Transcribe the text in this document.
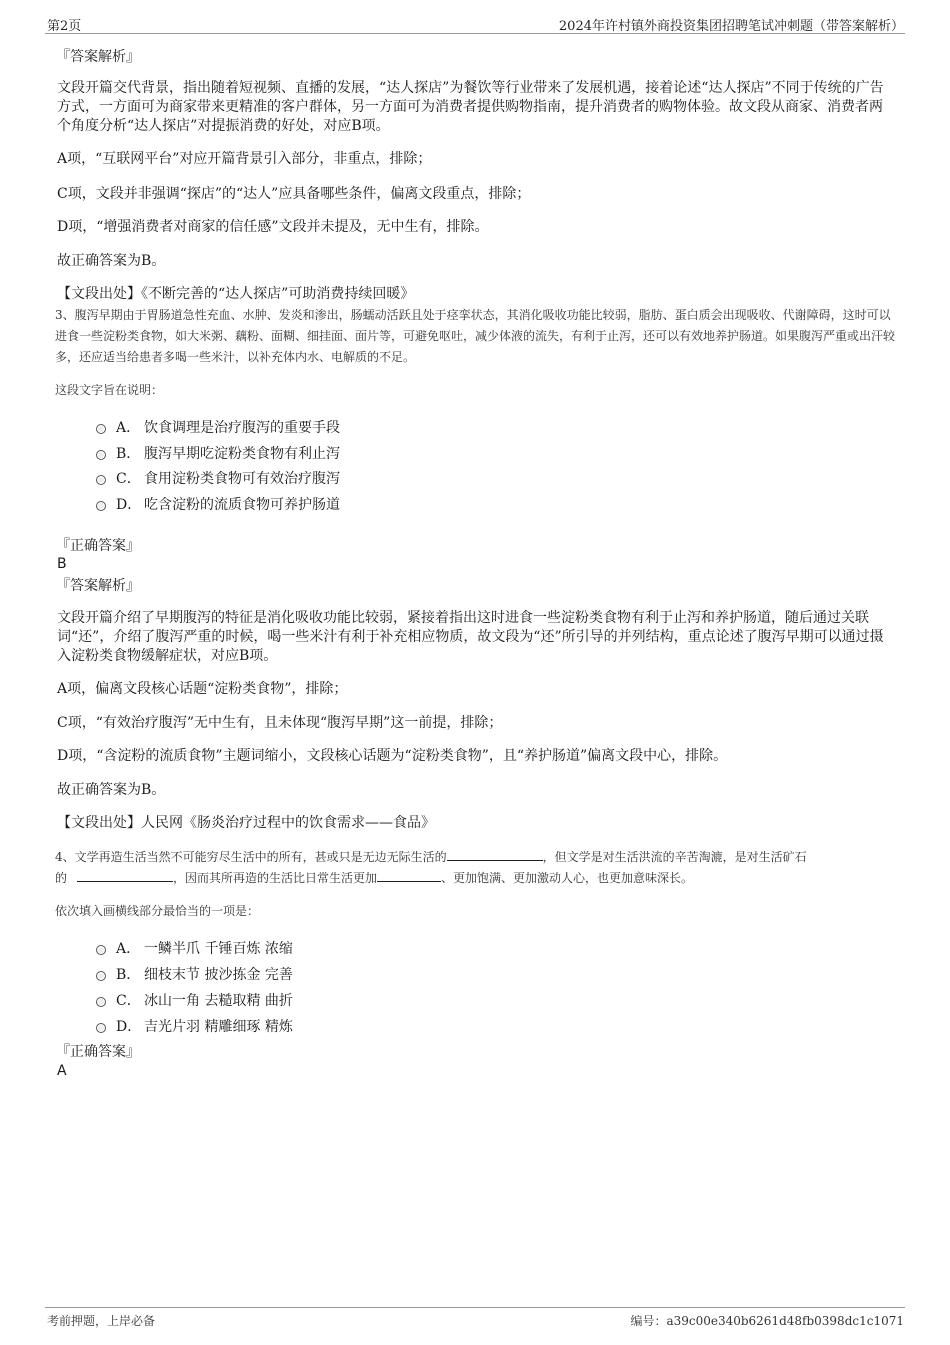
第2页	2024年许村镇外商投资集团招聘笔试冲刺题（带答案解析）
『答案解析』
文段开篇交代背景，指出随着短视频、直播的发展，“达人探店”为餐饮等行业带来了发展机遇，接着论述“达人探店”不同于传统的广告方式，一方面可为商家带来更精准的客户群体，另一方面可为消费者提供购物指南，提升消费者的购物体验。故文段从商家、消费者两个角度分析“达人探店”对提振消费的好处，对应B项。
A项，“互联网平台”对应开篇背景引入部分，非重点，排除；
C项，文段并非强调“探店”的“达人”应具备哪些条件，偏离文段重点，排除；
D项，“增强消费者对商家的信任感”文段并未提及，无中生有，排除。
故正确答案为B。
【文段出处】《不断完善的“达人探店”可助消费持续回暖》
3、腹泻早期由于胃肠道急性充血、水肿、发炎和渗出，肠蠕动活跃且处于痉挛状态，其消化吸收功能比较弱，脂肪、蛋白质会出现吸收、代谢障碍，这时可以进食一些淀粉类食物，如大米粥、藕粉、面糊、细挂面、面片等，可避免呕吐，减少体液的流失，有利于止泻，还可以有效地养护肠道。如果腹泻严重或出汗较多，还应适当给患者多喝一些米汁，以补充体内水、电解质的不足。
这段文字旨在说明：
A． 饮食调理是治疗腹泻的重要手段
B． 腹泻早期吃淀粉类食物有利止泻
C． 食用淀粉类食物可有效治疗腹泻
D． 吃含淀粉的流质食物可养护肠道
『正确答案』
B
『答案解析』
文段开篇介绍了早期腹泻的特征是消化吸收功能比较弱，紧接着指出这时进食一些淀粉类食物有利于止泻和养护肠道，随后通过关联词“还”，介绍了腹泻严重的时候，喝一些米汁有利于补充相应物质，故文段为“还”所引导的并列结构，重点论述了腹泻早期可以通过摄入淀粉类食物缓解症状，对应B项。
A项，偏离文段核心话题“淀粉类食物”，排除；
C项，“有效治疗腹泻”无中生有，且未体现“腹泻早期”这一前提，排除；
D项，“含淀粉的流质食物”主题词缩小，文段核心话题为“淀粉类食物”，且“养护肠道”偏离文段中心，排除。
故正确答案为B。
【文段出处】人民网《肠炎治疗过程中的饮食需求——食品》
4、文学再造生活当然不可能穷尽生活中的所有，甚或只是无边无际生活的	，但文学是对生活洪流的辛苦淘漉，是对生活矿石
的	，因而其所再造的生活比日常生活更加	、更加饱满、更加激动人心，也更加意味深长。
依次填入画横线部分最恰当的一项是：
A． 一鳞半爪 千锤百炼 浓缩
B． 细枝末节 披沙拣金 完善
C． 冰山一角 去糙取精 曲折
D． 吉光片羽 精雕细琢 精炼
『正确答案』
A
考前押题，上岸必备	编号：a39c00e340b6261d48fb0398dc1c1071
